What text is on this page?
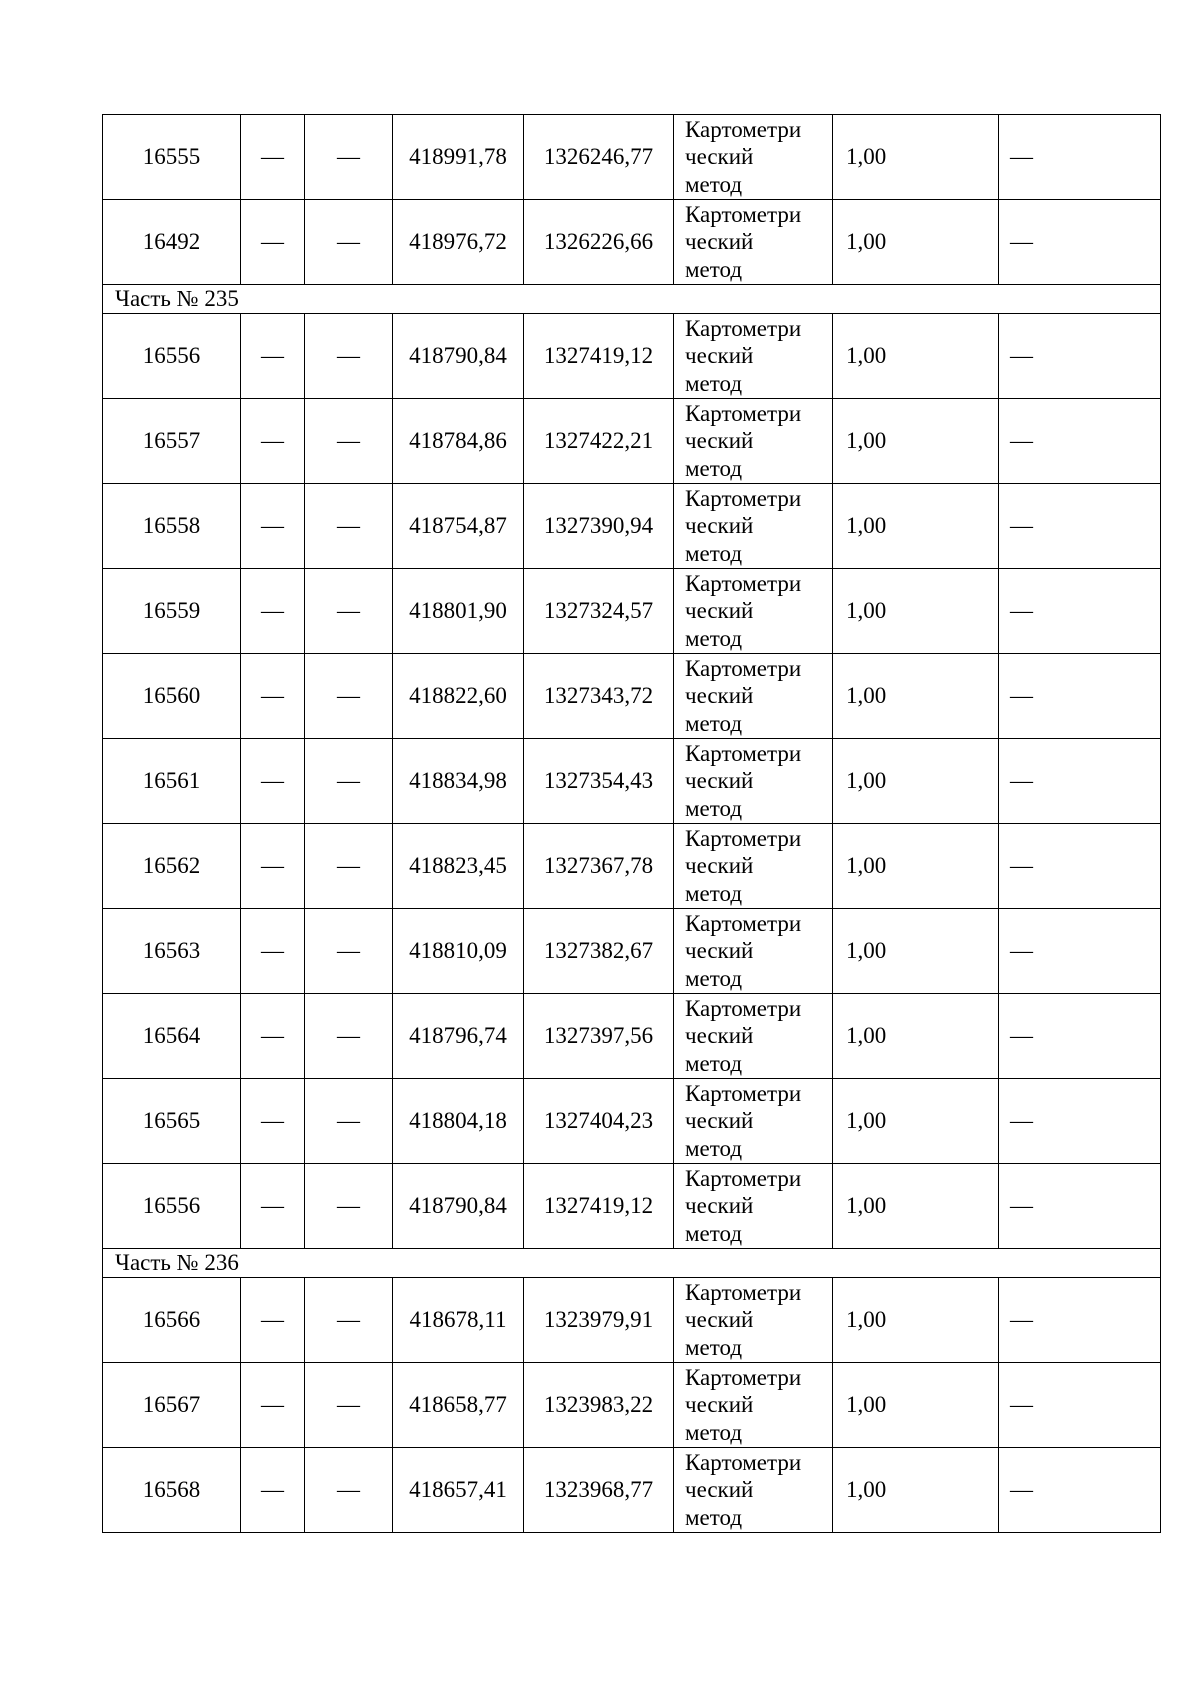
16555	—	—	418991,78	1326246,77	Картометри
ческий
метод	1,00	—
16492	—	—	418976,72	1326226,66	Картометри
ческий
метод	1,00	—
Часть № 235							
16556	—	—	418790,84	1327419,12	Картометри
ческий
метод	1,00	—
16557	—	—	418784,86	1327422,21	Картометри
ческий
метод	1,00	—
16558	—	—	418754,87	1327390,94	Картометри
ческий
метод	1,00	—
16559	—	—	418801,90	1327324,57	Картометри
ческий
метод	1,00	—
16560	—	—	418822,60	1327343,72	Картометри
ческий
метод	1,00	—
16561	—	—	418834,98	1327354,43	Картометри
ческий
метод	1,00	—
16562	—	—	418823,45	1327367,78	Картометри
ческий
метод	1,00	—
16563	—	—	418810,09	1327382,67	Картометри
ческий
метод	1,00	—
16564	—	—	418796,74	1327397,56	Картометри
ческий
метод	1,00	—
16565	—	—	418804,18	1327404,23	Картометри
ческий
метод	1,00	—
16556	—	—	418790,84	1327419,12	Картометри
ческий
метод	1,00	—
Часть № 236							
16566	—	—	418678,11	1323979,91	Картометри
ческий
метод	1,00	—
16567	—	—	418658,77	1323983,22	Картометри
ческий
метод	1,00	—
16568	—	—	418657,41	1323968,77	Картометри
ческий
метод	1,00	—
